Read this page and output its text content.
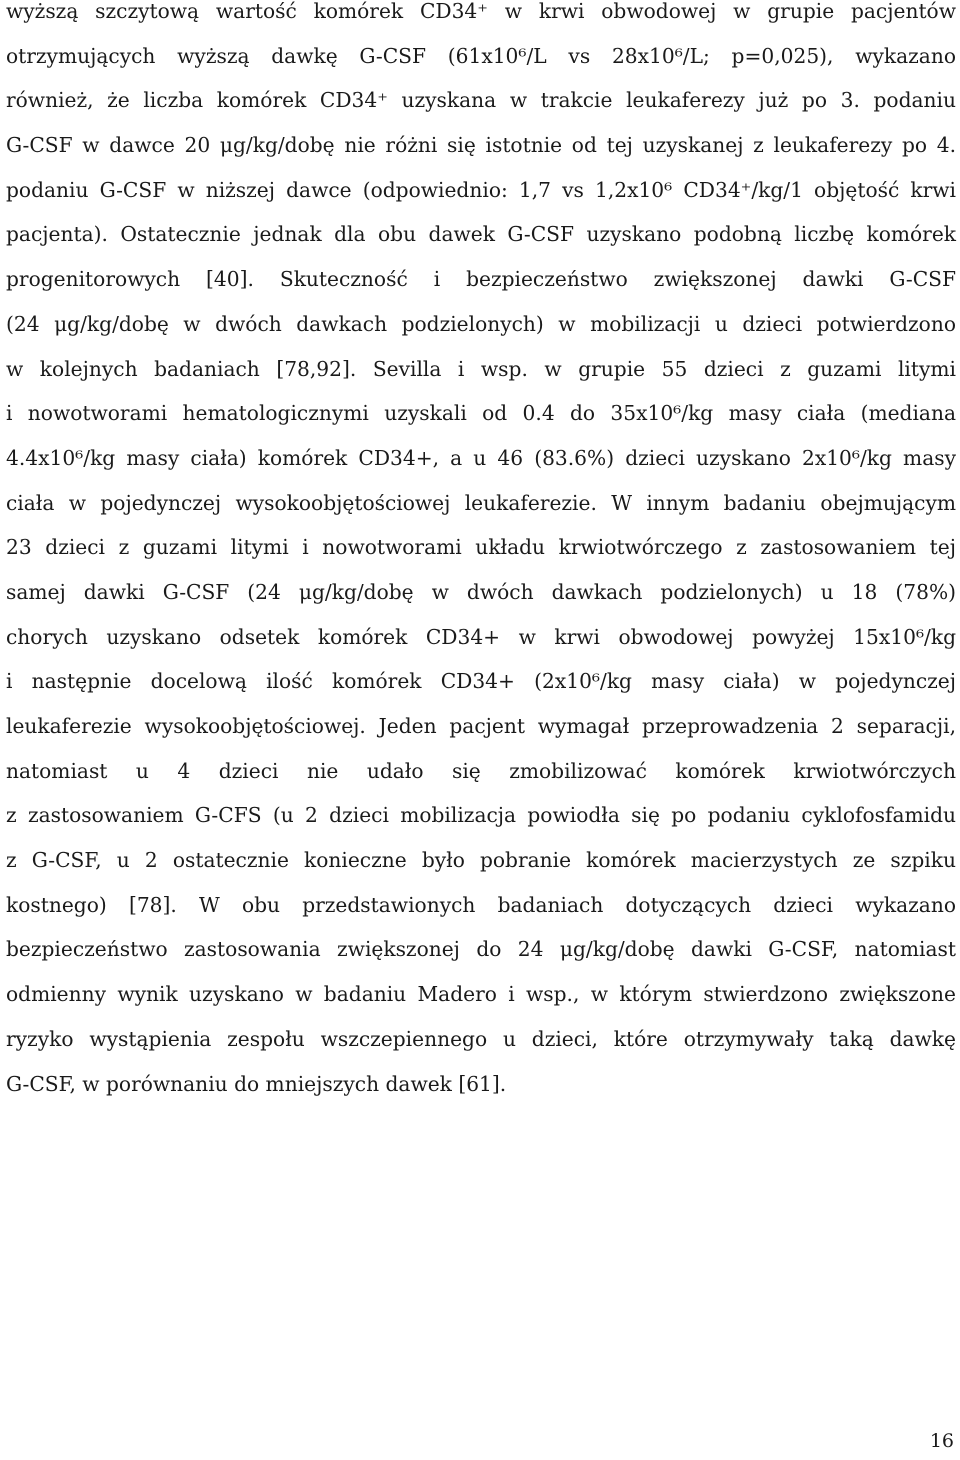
wyższą szczytową wartość komórek CD34⁺ w krwi obwodowej w grupie pacjentów
otrzymujących wyższą dawkę G-CSF (61x10⁶/L vs 28x10⁶/L; p=0,025), wykazano
również, że liczba komórek CD34⁺ uzyskana w trakcie leukaferezy już po 3. podaniu
G-CSF w dawce 20 μg/kg/dobę nie różni się istotnie od tej uzyskanej z leukaferezy po 4.
podaniu G-CSF w niższej dawce (odpowiednio: 1,7 vs 1,2x10⁶ CD34⁺/kg/1 objętość krwi
pacjenta). Ostatecznie jednak dla obu dawek G-CSF uzyskano podobną liczbę komórek
progenitorowych [40]. Skuteczność i bezpieczeństwo zwiększonej dawki G-CSF
(24 μg/kg/dobę w dwóch dawkach podzielonych) w mobilizacji u dzieci potwierdzono
w kolejnych badaniach [78,92]. Sevilla i wsp. w grupie 55 dzieci z guzami litymi
i nowotworami hematologicznymi uzyskali od 0.4 do 35x10⁶/kg masy ciała (mediana
4.4x10⁶/kg masy ciała) komórek CD34+, a u 46 (83.6%) dzieci uzyskano 2x10⁶/kg masy
ciała w pojedynczej wysokoobjętościowej leukaferezie. W innym badaniu obejmującym
23 dzieci z guzami litymi i nowotworami układu krwiotwórczego z zastosowaniem tej
samej dawki G-CSF (24 μg/kg/dobę w dwóch dawkach podzielonych) u 18 (78%)
chorych uzyskano odsetek komórek CD34+ w krwi obwodowej powyżej 15x10⁶/kg
i następnie docelową ilość komórek CD34+ (2x10⁶/kg masy ciała) w pojedynczej
leukaferezie wysokoobjętościowej. Jeden pacjent wymagał przeprowadzenia 2 separacji,
natomiast u 4 dzieci nie udało się zmobilizować komórek krwiotwórczych
z zastosowaniem G-CFS (u 2 dzieci mobilizacja powiodła się po podaniu cyklofosfamidu
z G-CSF, u 2 ostatecznie konieczne było pobranie komórek macierzystych ze szpiku
kostnego) [78]. W obu przedstawionych badaniach dotyczących dzieci wykazano
bezpieczeństwo zastosowania zwiększonej do 24 μg/kg/dobę dawki G-CSF, natomiast
odmienny wynik uzyskano w badaniu Madero i wsp., w którym stwierdzono zwiększone
ryzyko wystąpienia zespołu wszczepiennego u dzieci, które otrzymywały taką dawkę
G-CSF, w porównaniu do mniejszych dawek [61].

16
